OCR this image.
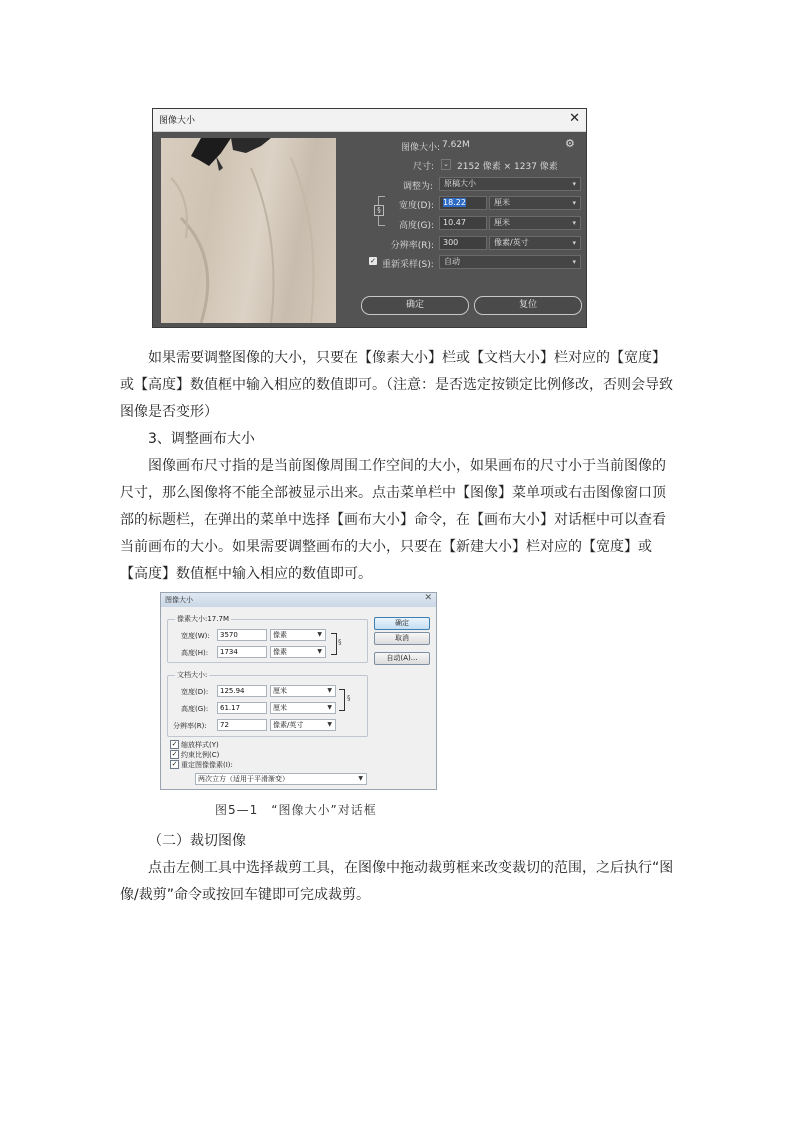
图像大小	✕
图像大小: 7.62M	⚙
尺寸: ⌄ 2152 像素 × 1237 像素
调整为:	原稿大小	▾
§	宽度(D):	18.22	厘米	▾
高度(G):	10.47	厘米	▾
分辨率(R):	300	像素/英寸	▾
✓ 重新采样(S):	自动	▾
确定	复位
如果需要调整图像的大小，只要在【像素大小】栏或【文档大小】栏对应的【宽度】或【高度】数值框中输入相应的数值即可。（注意：是否选定按锁定比例修改，否则会导致图像是否变形）
3、调整画布大小
图像画布尺寸指的是当前图像周围工作空间的大小，如果画布的尺寸小于当前图像的尺寸，那么图像将不能全部被显示出来。点击菜单栏中【图像】菜单项或右击图像窗口顶部的标题栏，在弹出的菜单中选择【画布大小】命令，在【画布大小】对话框中可以查看当前画布的大小。如果需要调整画布的大小，只要在【新建大小】栏对应的【宽度】或【高度】数值框中输入相应的数值即可。
图像大小	✕
像素大小:17.7M
宽度(W):	3570	像素	▼
高度(H):	1734	像素	▼
§
文档大小:
宽度(D):	125.94	厘米	▼
高度(G):	61.17	厘米	▼
分辨率(R):	72	像素/英寸	▼
§
✓ 缩放样式(Y)
✓ 约束比例(C)
✓ 重定图像像素(I):
两次立方（适用于平滑渐变）	▼
确定
取消
自动(A)...
图5—1　“图像大小”对话框
（二）裁切图像
点击左侧工具中选择裁剪工具，在图像中拖动裁剪框来改变裁切的范围，之后执行“图像/裁剪”命令或按回车键即可完成裁剪。
